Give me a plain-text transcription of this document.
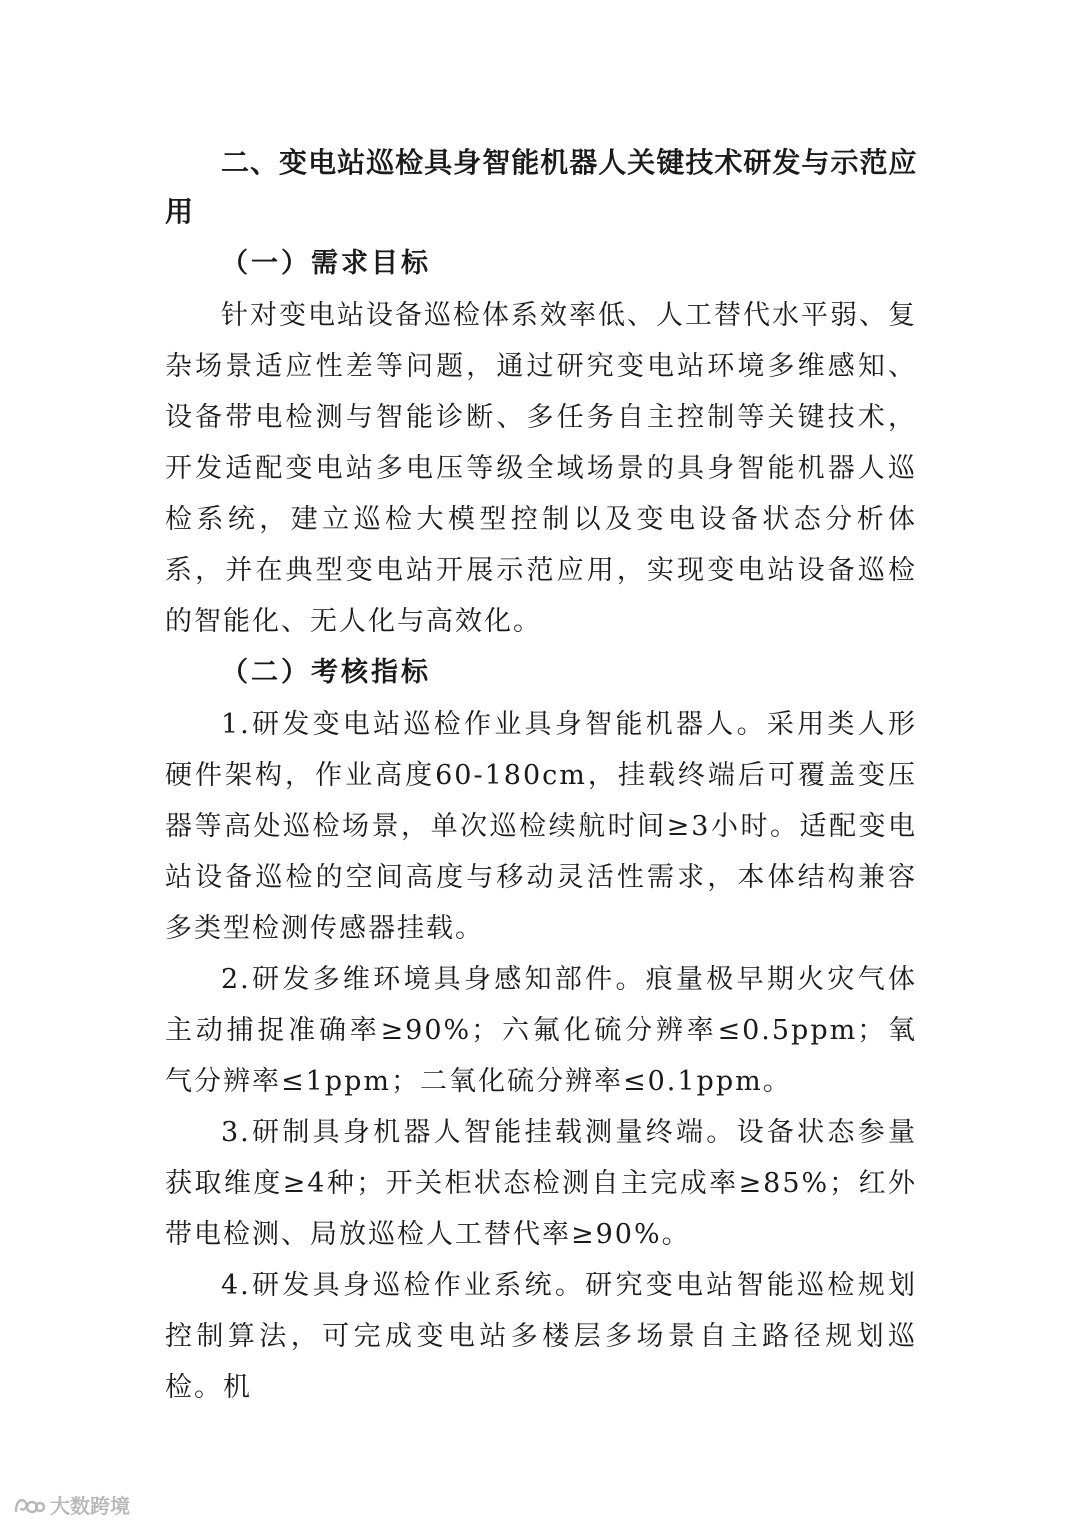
二、变电站巡检具身智能机器人关键技术研发与示范应用

（一）需求目标

针对变电站设备巡检体系效率低、人工替代水平弱、复杂场景适应性差等问题，通过研究变电站环境多维感知、设备带电检测与智能诊断、多任务自主控制等关键技术，开发适配变电站多电压等级全域场景的具身智能机器人巡检系统，建立巡检大模型控制以及变电设备状态分析体系，并在典型变电站开展示范应用，实现变电站设备巡检的智能化、无人化与高效化。

（二）考核指标

1.研发变电站巡检作业具身智能机器人。采用类人形硬件架构，作业高度60-180cm，挂载终端后可覆盖变压器等高处巡检场景，单次巡检续航时间≥3小时。适配变电站设备巡检的空间高度与移动灵活性需求，本体结构兼容多类型检测传感器挂载。

2.研发多维环境具身感知部件。痕量极早期火灾气体主动捕捉准确率≥90%；六氟化硫分辨率≤0.5ppm；氧气分辨率≤1ppm；二氧化硫分辨率≤0.1ppm。

3.研制具身机器人智能挂载测量终端。设备状态参量获取维度≥4种；开关柜状态检测自主完成率≥85%；红外带电检测、局放巡检人工替代率≥90%。

4.研发具身巡检作业系统。研究变电站智能巡检规划控制算法，可完成变电站多楼层多场景自主路径规划巡检。机

大数跨境
